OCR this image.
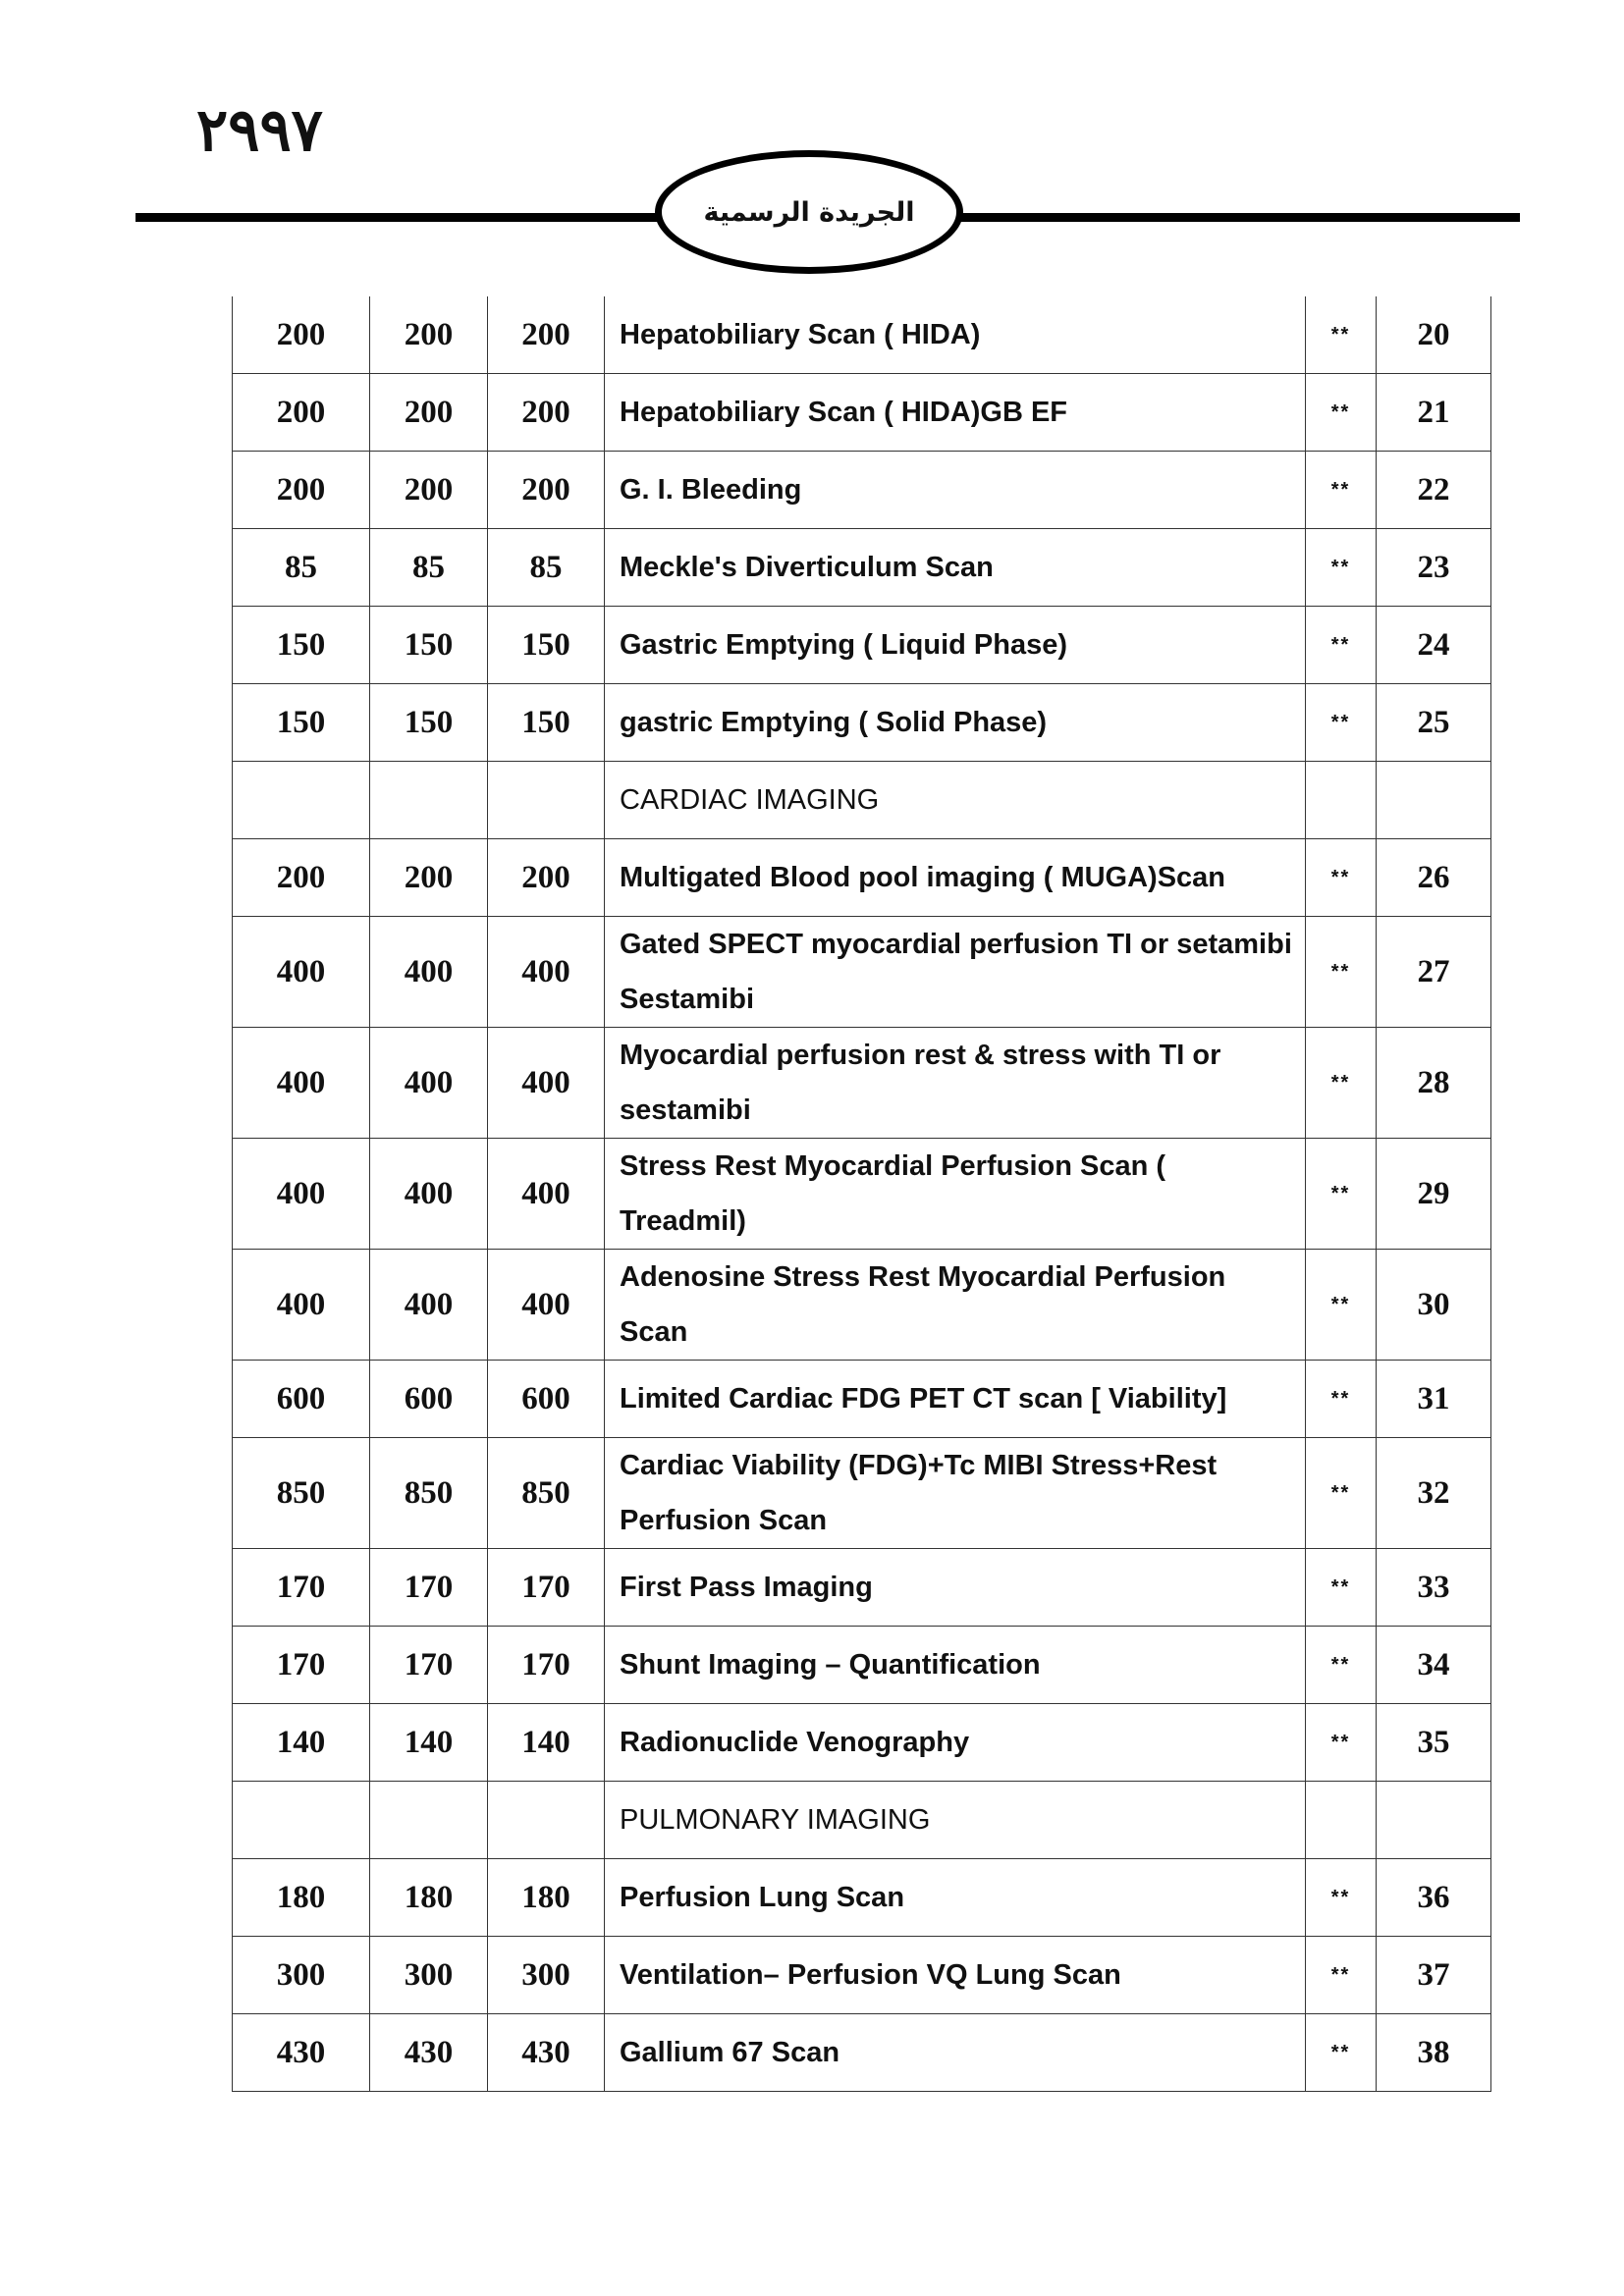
٢٩٩٧
الجريدة الرسمية
200	200	200	Hepatobiliary Scan ( HIDA)	**	20
200	200	200	Hepatobiliary Scan ( HIDA)GB EF	**	21
200	200	200	G. I. Bleeding	**	22
85	85	85	Meckle's Diverticulum Scan	**	23
150	150	150	Gastric Emptying ( Liquid Phase)	**	24
150	150	150	gastric Emptying ( Solid Phase)	**	25
			CARDIAC IMAGING		
200	200	200	Multigated Blood pool imaging ( MUGA)Scan	**	26
400	400	400	Gated SPECT myocardial perfusion TI or setamibi Sestamibi	**	27
400	400	400	Myocardial perfusion rest & stress with TI or sestamibi	**	28
400	400	400	Stress Rest Myocardial Perfusion Scan ( Treadmil)	**	29
400	400	400	Adenosine Stress Rest Myocardial Perfusion Scan	**	30
600	600	600	Limited Cardiac FDG PET CT scan [ Viability]	**	31
850	850	850	Cardiac Viability (FDG)+Tc MIBI Stress+Rest Perfusion Scan	**	32
170	170	170	First Pass Imaging	**	33
170	170	170	Shunt Imaging – Quantification	**	34
140	140	140	Radionuclide Venography	**	35
			PULMONARY IMAGING		
180	180	180	Perfusion Lung Scan	**	36
300	300	300	Ventilation– Perfusion VQ Lung Scan	**	37
430	430	430	Gallium 67 Scan	**	38
